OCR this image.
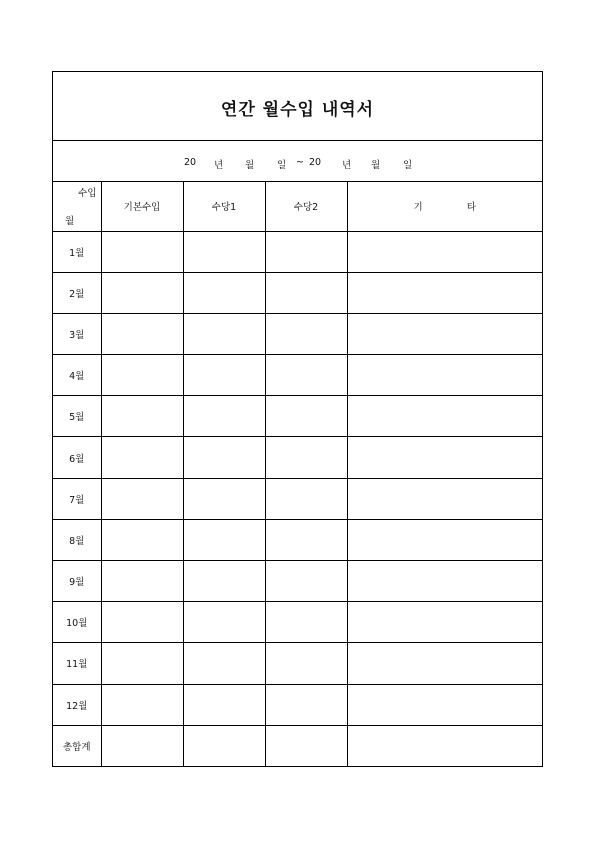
연간 월수입 내역서
20 년 월 일 ~ 20 년 월 일
수입
월	기본수입	수당1	수당2	기 타
1월				
2월				
3월				
4월				
5월				
6월				
7월				
8월				
9월				
10월				
11월				
12월				
총합계				
